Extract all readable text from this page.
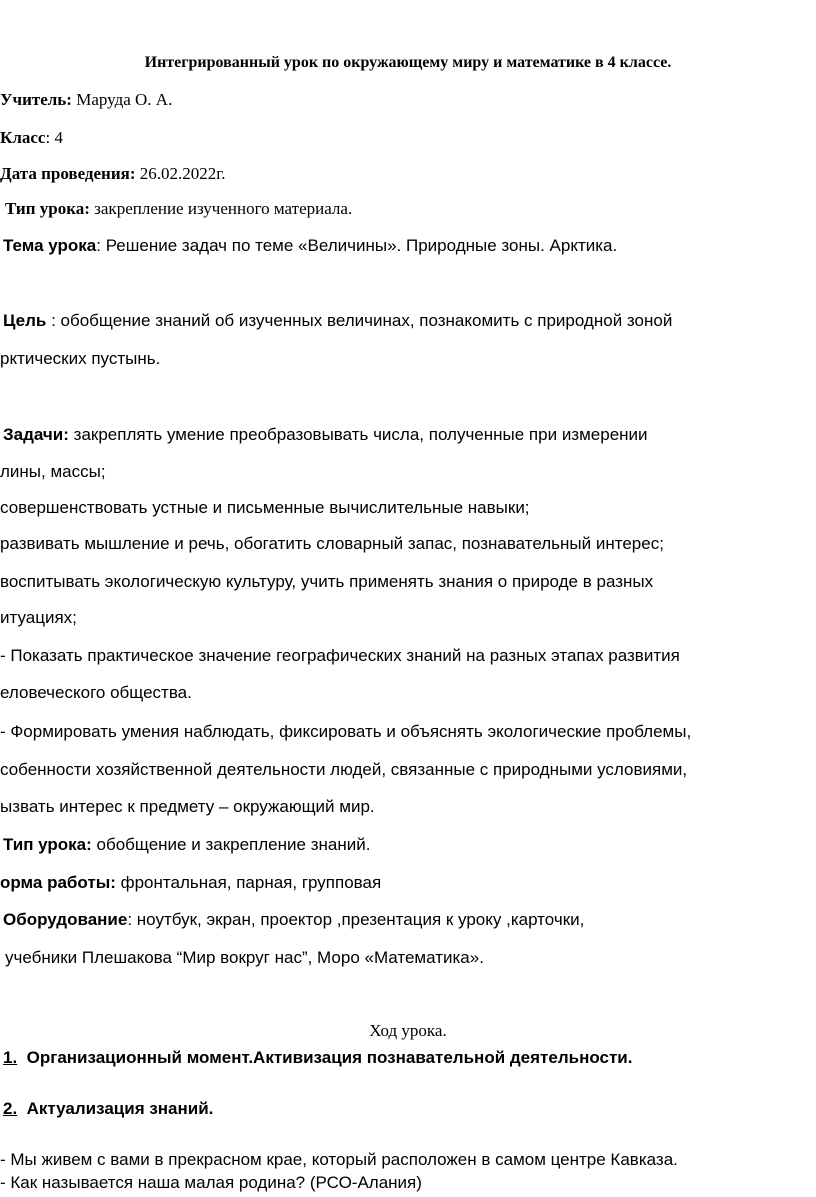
Интегрированный урок по окружающему миру и математике в 4 классе.
Учитель: Маруда О. А.
Класс: 4
Дата проведения: 26.02.2022г.
Тип урока: закрепление изученного материала.
Тема урока: Решение задач по теме «Величины». Природные зоны. Арктика.
Цель : обобщение знаний об изученных величинах, познакомить с природной зоной
рктических пустынь.
Задачи: закреплять умение преобразовывать числа, полученные при измерении
лины, массы;
совершенствовать устные и письменные вычислительные навыки;
развивать мышление и речь, обогатить словарный запас, познавательный интерес;
воспитывать экологическую культуру, учить применять знания о природе в разных
итуациях;
- Показать практическое значение географических знаний на разных этапах развития
еловеческого общества.
- Формировать умения наблюдать, фиксировать и объяснять экологические проблемы,
собенности хозяйственной деятельности людей, связанные с природными условиями,
ызвать интерес к предмету – окружающий мир.
Тип урока: обобщение и закрепление знаний.
орма работы: фронтальная, парная, групповая
Оборудование: ноутбук, экран, проектор ,презентация к уроку ,карточки,
учебники Плешакова “Мир вокруг нас”, Моро «Математика».
Ход урока.
1. Организационный момент.Активизация познавательной деятельности.
2. Актуализация знаний.
- Мы живем с вами в прекрасном крае, который расположен в самом центре Кавказа.
- Как называется наша малая родина? (РСО-Алания)
